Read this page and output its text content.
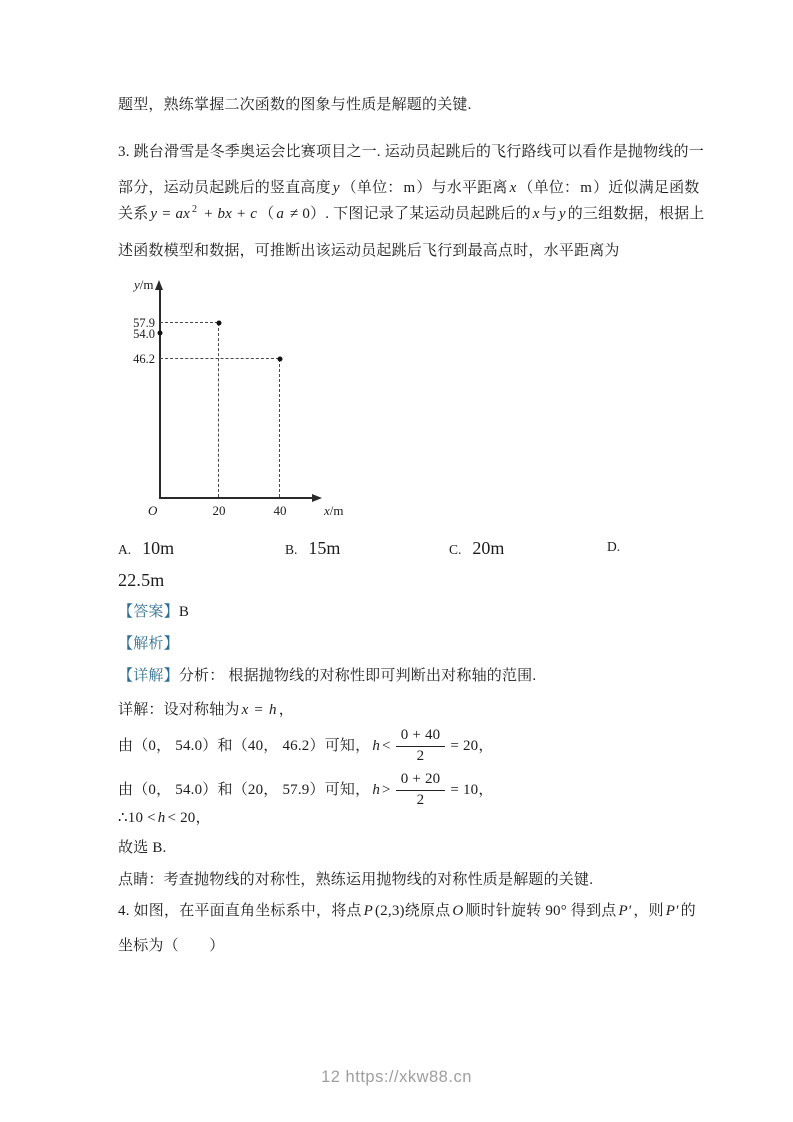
题型，熟练掌握二次函数的图象与性质是解题的关键.
3. 跳台滑雪是冬季奥运会比赛项目之一. 运动员起跳后的飞行路线可以看作是抛物线的一
部分，运动员起跳后的竖直高度 y （单位：m）与水平距离 x （单位：m）近似满足函数
关系 y = ax $^2$ + bx + c （ a ≠ 0）. 下图记录了某运动员起跳后的 x 与 y 的三组数据，根据上
述函数模型和数据，可推断出该运动员起跳后飞行到最高点时，水平距离为
y/m
57.9
54.0
46.2
O	20	40	x/m
A. 10m	B. 15m	C. 20m	D.
22.5m
【答案】B
【解析】
【详解】分析： 根据抛物线的对称性即可判断出对称轴的范围.
详解：设对称轴为 x = h ，
由（0， 54.0）和（40， 46.2）可知， $h < \frac{0 + 40}{2} = 20$ ，
由（0， 54.0）和（20， 57.9）可知， $h > \frac{0 + 20}{2} = 10$ ，
∴10 < h < 20，
故选 B.
点睛：考查抛物线的对称性，熟练运用抛物线的对称性质是解题的关键.
4. 如图，在平面直角坐标系中，将点 P (2,3)绕原点 O 顺时针旋转 90° 得到点 P′ ，则 P′ 的
坐标为（　　）
12 https://xkw88.cn
